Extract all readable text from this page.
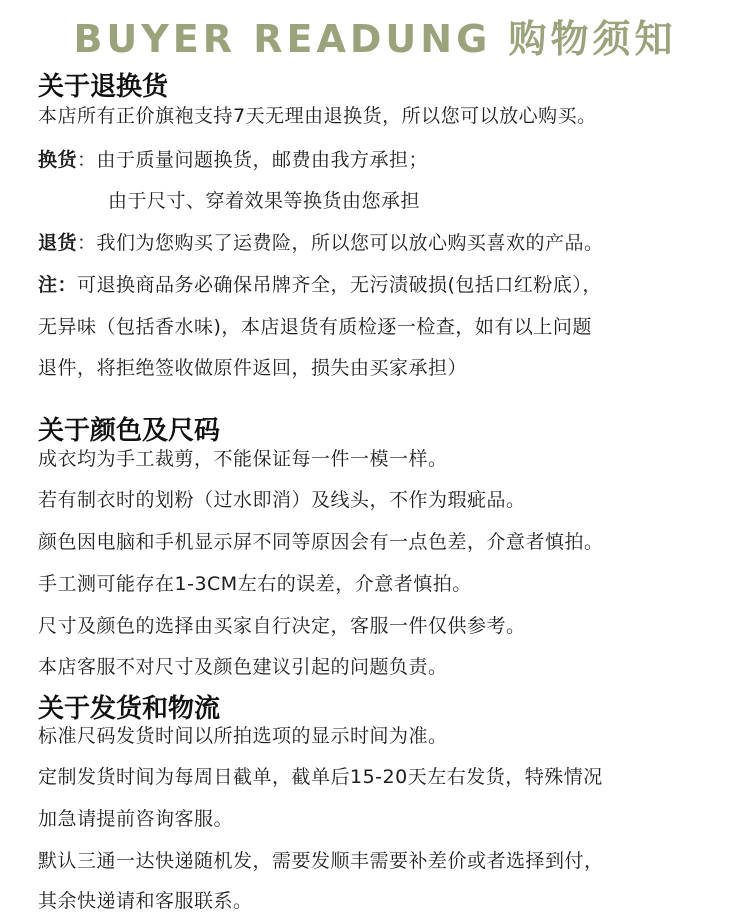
BUYER READUNG 购物须知
关于退换货
本店所有正价旗袍支持7天无理由退换货，所以您可以放心购买。
换货：由于质量问题换货，邮费由我方承担；
由于尺寸、穿着效果等换货由您承担
退货：我们为您购买了运费险，所以您可以放心购买喜欢的产品。
注：可退换商品务必确保吊牌齐全，无污渍破损(包括口红粉底），
无异味（包括香水味)，本店退货有质检逐一检查，如有以上问题
退件，将拒绝签收做原件返回，损失由买家承担）
关于颜色及尺码
成衣均为手工裁剪，不能保证每一件一模一样。
若有制衣时的划粉（过水即消）及线头，不作为瑕疵品。
颜色因电脑和手机显示屏不同等原因会有一点色差，介意者慎拍。
手工测可能存在1-3CM左右的误差，介意者慎拍。
尺寸及颜色的选择由买家自行决定，客服一件仅供参考。
本店客服不对尺寸及颜色建议引起的问题负责。
关于发货和物流
标准尺码发货时间以所拍选项的显示时间为准。
定制发货时间为每周日截单，截单后15-20天左右发货，特殊情况
加急请提前咨询客服。
默认三通一达快递随机发，需要发顺丰需要补差价或者选择到付，
其余快递请和客服联系。
